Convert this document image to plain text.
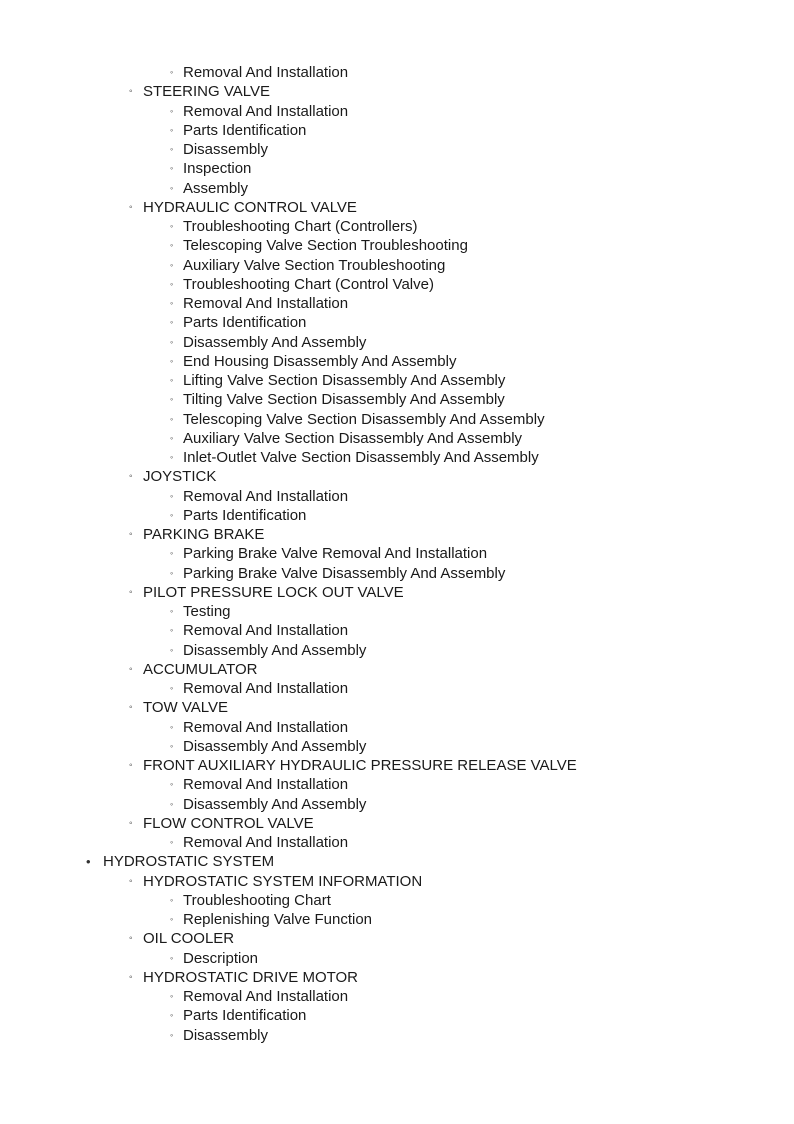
◦ Removal And Installation
◦ STEERING VALVE
◦ Removal And Installation
◦ Parts Identification
◦ Disassembly
◦ Inspection
◦ Assembly
◦ HYDRAULIC CONTROL VALVE
◦ Troubleshooting Chart (Controllers)
◦ Telescoping Valve Section Troubleshooting
◦ Auxiliary Valve Section Troubleshooting
◦ Troubleshooting Chart (Control Valve)
◦ Removal And Installation
◦ Parts Identification
◦ Disassembly And Assembly
◦ End Housing Disassembly And Assembly
◦ Lifting Valve Section Disassembly And Assembly
◦ Tilting Valve Section Disassembly And Assembly
◦ Telescoping Valve Section Disassembly And Assembly
◦ Auxiliary Valve Section Disassembly And Assembly
◦ Inlet-Outlet Valve Section Disassembly And Assembly
◦ JOYSTICK
◦ Removal And Installation
◦ Parts Identification
◦ PARKING BRAKE
◦ Parking Brake Valve Removal And Installation
◦ Parking Brake Valve Disassembly And Assembly
◦ PILOT PRESSURE LOCK OUT VALVE
◦ Testing
◦ Removal And Installation
◦ Disassembly And Assembly
◦ ACCUMULATOR
◦ Removal And Installation
◦ TOW VALVE
◦ Removal And Installation
◦ Disassembly And Assembly
◦ FRONT AUXILIARY HYDRAULIC PRESSURE RELEASE VALVE
◦ Removal And Installation
◦ Disassembly And Assembly
◦ FLOW CONTROL VALVE
◦ Removal And Installation
• HYDROSTATIC SYSTEM
◦ HYDROSTATIC SYSTEM INFORMATION
◦ Troubleshooting Chart
◦ Replenishing Valve Function
◦ OIL COOLER
◦ Description
◦ HYDROSTATIC DRIVE MOTOR
◦ Removal And Installation
◦ Parts Identification
◦ Disassembly
